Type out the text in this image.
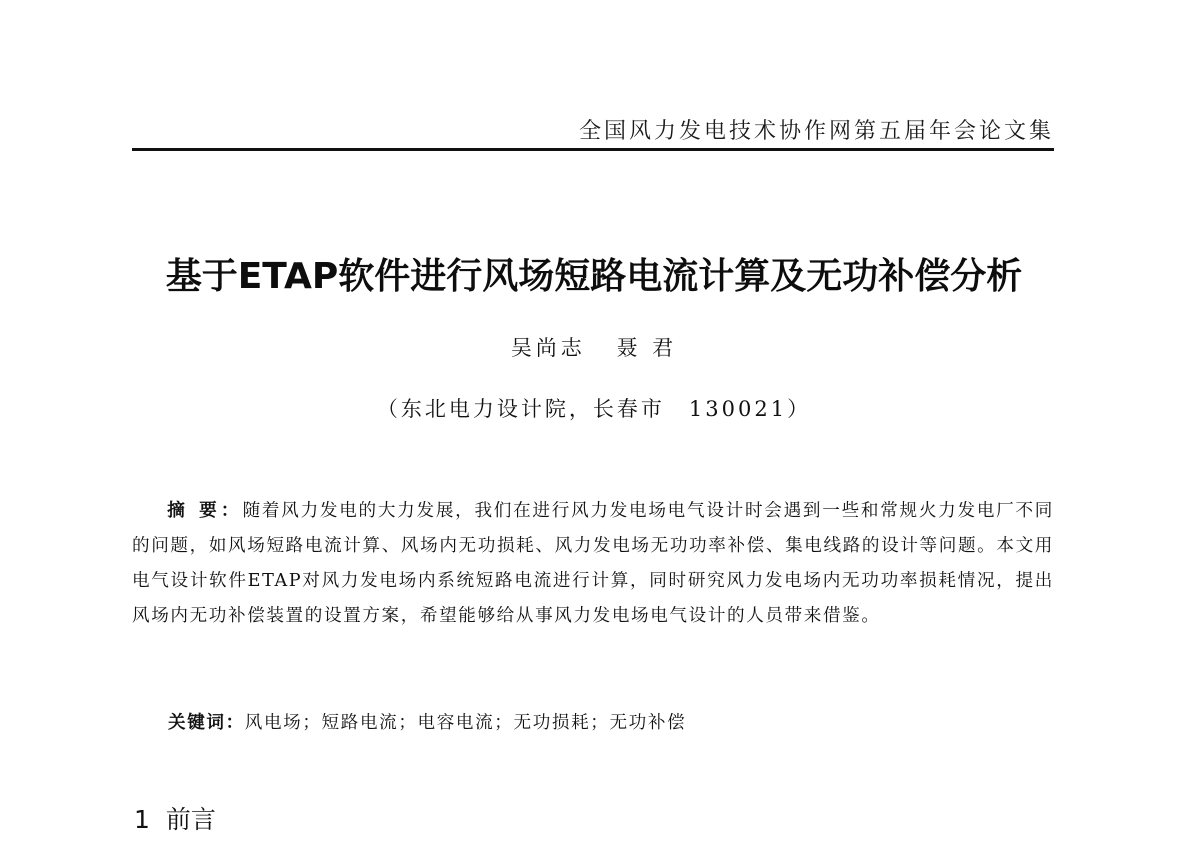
全国风力发电技术协作网第五届年会论文集
基于ETAP软件进行风场短路电流计算及无功补偿分析
吴尚志 聂 君
（东北电力设计院，长春市　130021）
摘 要：随着风力发电的大力发展，我们在进行风力发电场电气设计时会遇到一些和常规火力发电厂不同的问题，如风场短路电流计算、风场内无功损耗、风力发电场无功功率补偿、集电线路的设计等问题。本文用电气设计软件ETAP对风力发电场内系统短路电流进行计算，同时研究风力发电场内无功功率损耗情况，提出风场内无功补偿装置的设置方案，希望能够给从事风力发电场电气设计的人员带来借鉴。
关键词：风电场；短路电流；电容电流；无功损耗；无功补偿
1 前言
